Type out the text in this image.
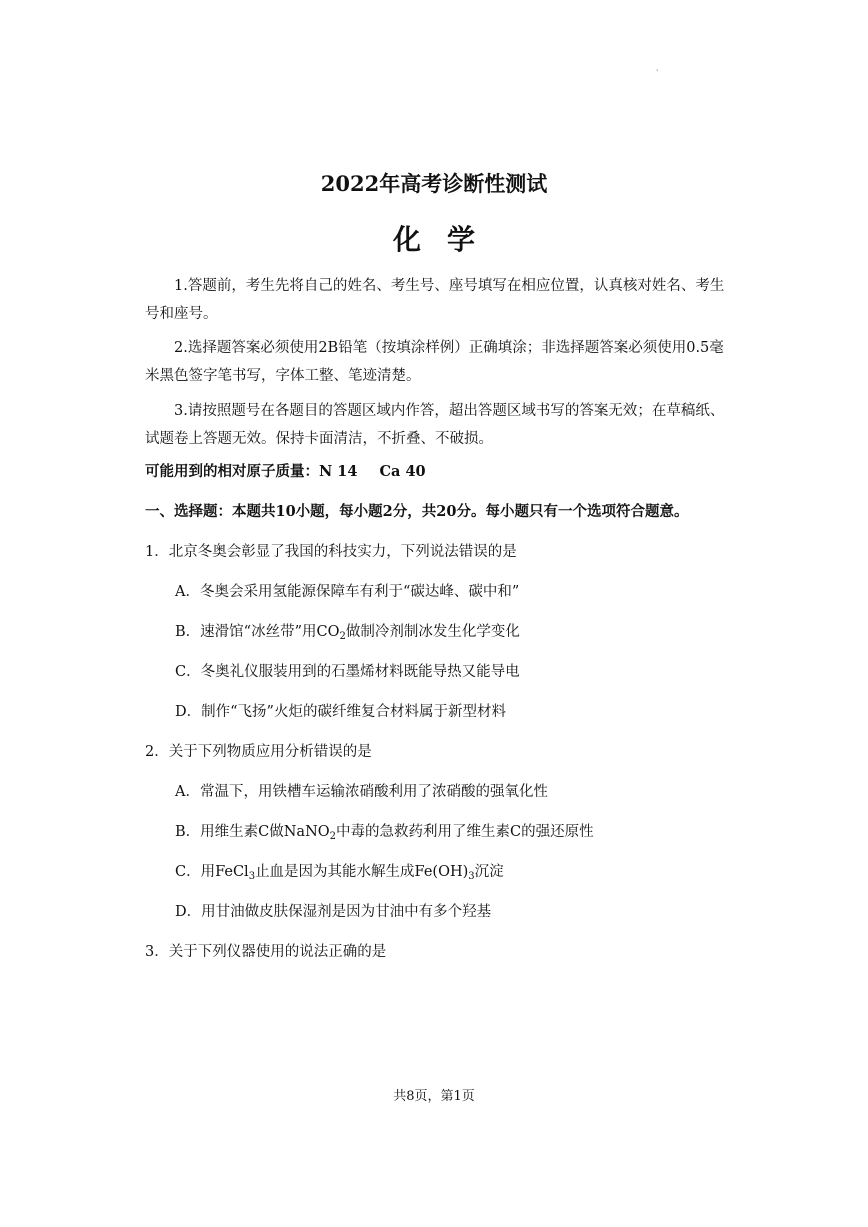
'
2022年高考诊断性测试
化学
1.答题前，考生先将自己的姓名、考生号、座号填写在相应位置，认真核对姓名、考生号和座号。
2.选择题答案必须使用2B铅笔（按填涂样例）正确填涂；非选择题答案必须使用0.5毫米黑色签字笔书写，字体工整、笔迹清楚。
3.请按照题号在各题目的答题区域内作答，超出答题区域书写的答案无效；在草稿纸、试题卷上答题无效。保持卡面清洁，不折叠、不破损。
可能用到的相对原子质量：N 14 Ca 40
一、选择题：本题共10小题，每小题2分，共20分。每小题只有一个选项符合题意。
1．北京冬奥会彰显了我国的科技实力，下列说法错误的是
A．冬奥会采用氢能源保障车有利于“碳达峰、碳中和”
B．速滑馆“冰丝带”用$CO_2$做制冷剂制冰发生化学变化
C．冬奥礼仪服装用到的石墨烯材料既能导热又能导电
D．制作“飞扬”火炬的碳纤维复合材料属于新型材料
2．关于下列物质应用分析错误的是
A．常温下，用铁槽车运输浓硝酸利用了浓硝酸的强氧化性
B．用维生素C做NaNO$_2$中毒的急救药利用了维生素C的强还原性
C．用FeCl$_3$止血是因为其能水解生成$Fe(OH)_3$沉淀
D．用甘油做皮肤保湿剂是因为甘油中有多个羟基
3．关于下列仪器使用的说法正确的是
共8页，第1页
